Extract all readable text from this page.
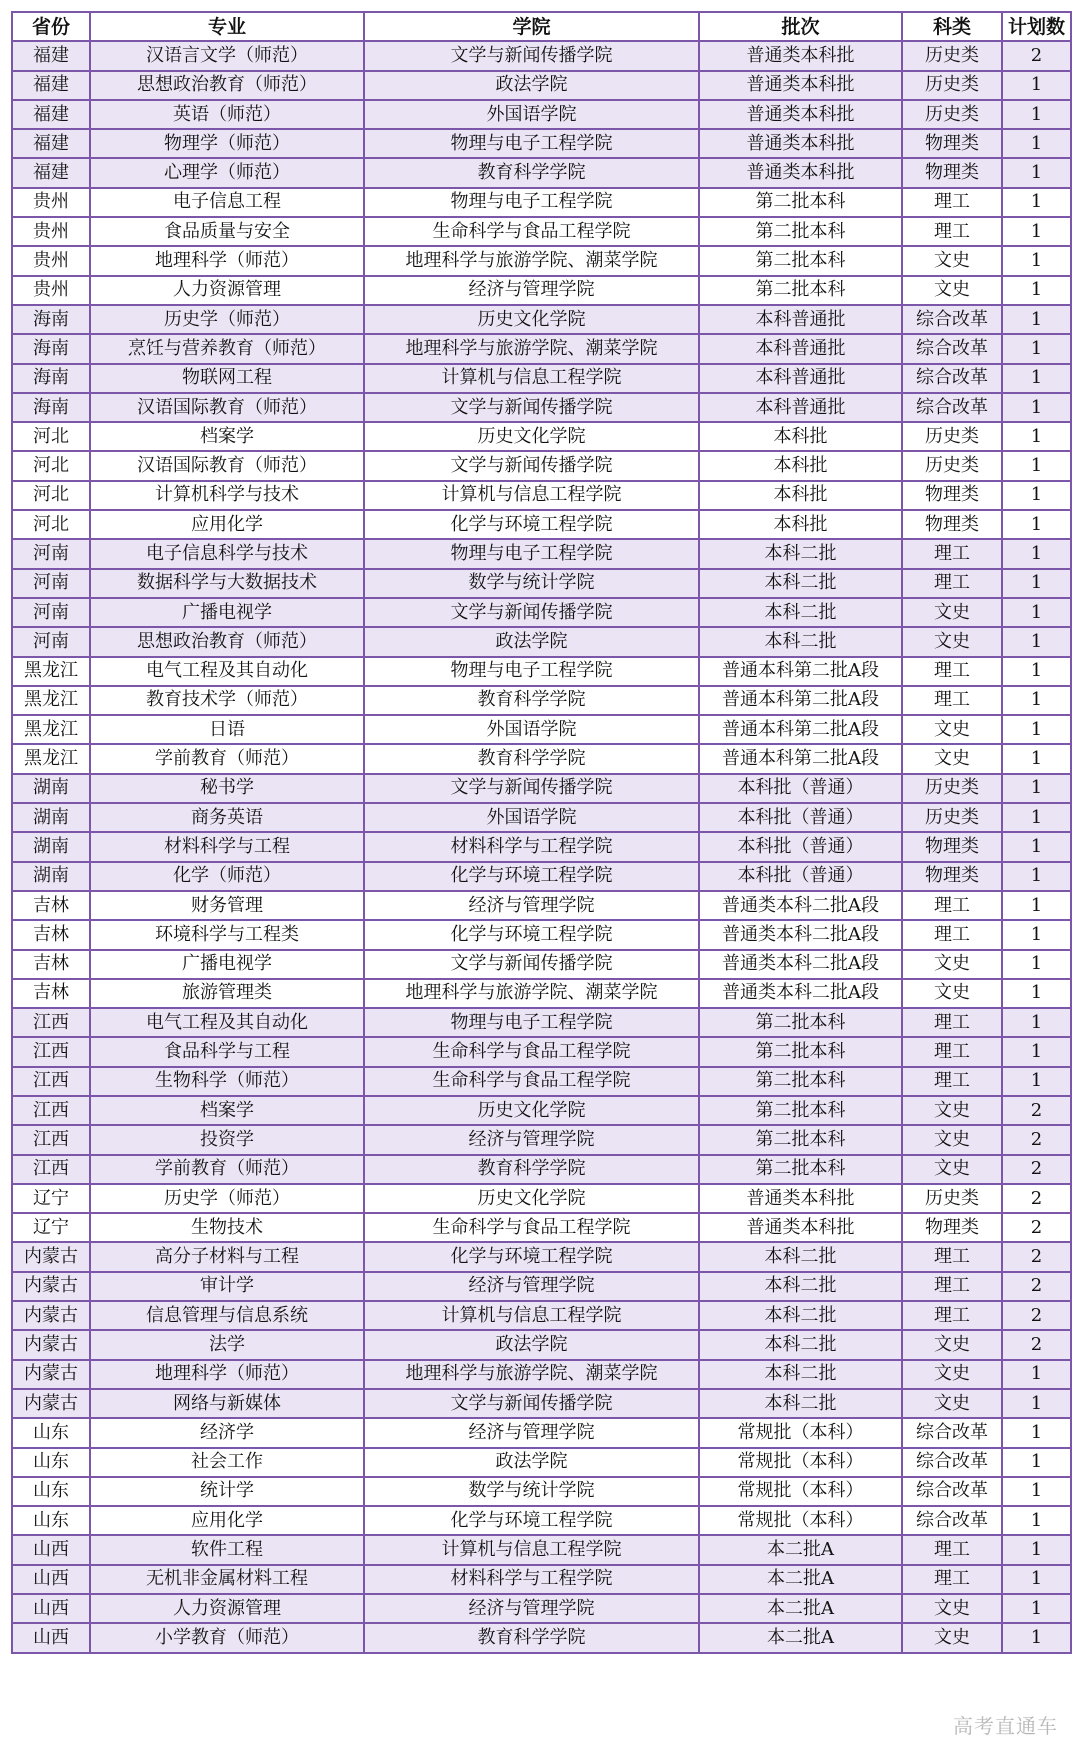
省份	专业	学院	批次	科类	计划数
福建	汉语言文学（师范）	文学与新闻传播学院	普通类本科批	历史类	2
福建	思想政治教育（师范）	政法学院	普通类本科批	历史类	1
福建	英语（师范）	外国语学院	普通类本科批	历史类	1
福建	物理学（师范）	物理与电子工程学院	普通类本科批	物理类	1
福建	心理学（师范）	教育科学学院	普通类本科批	物理类	1
贵州	电子信息工程	物理与电子工程学院	第二批本科	理工	1
贵州	食品质量与安全	生命科学与食品工程学院	第二批本科	理工	1
贵州	地理科学（师范）	地理科学与旅游学院、潮菜学院	第二批本科	文史	1
贵州	人力资源管理	经济与管理学院	第二批本科	文史	1
海南	历史学（师范）	历史文化学院	本科普通批	综合改革	1
海南	烹饪与营养教育（师范）	地理科学与旅游学院、潮菜学院	本科普通批	综合改革	1
海南	物联网工程	计算机与信息工程学院	本科普通批	综合改革	1
海南	汉语国际教育（师范）	文学与新闻传播学院	本科普通批	综合改革	1
河北	档案学	历史文化学院	本科批	历史类	1
河北	汉语国际教育（师范）	文学与新闻传播学院	本科批	历史类	1
河北	计算机科学与技术	计算机与信息工程学院	本科批	物理类	1
河北	应用化学	化学与环境工程学院	本科批	物理类	1
河南	电子信息科学与技术	物理与电子工程学院	本科二批	理工	1
河南	数据科学与大数据技术	数学与统计学院	本科二批	理工	1
河南	广播电视学	文学与新闻传播学院	本科二批	文史	1
河南	思想政治教育（师范）	政法学院	本科二批	文史	1
黑龙江	电气工程及其自动化	物理与电子工程学院	普通本科第二批A段	理工	1
黑龙江	教育技术学（师范）	教育科学学院	普通本科第二批A段	理工	1
黑龙江	日语	外国语学院	普通本科第二批A段	文史	1
黑龙江	学前教育（师范）	教育科学学院	普通本科第二批A段	文史	1
湖南	秘书学	文学与新闻传播学院	本科批（普通）	历史类	1
湖南	商务英语	外国语学院	本科批（普通）	历史类	1
湖南	材料科学与工程	材料科学与工程学院	本科批（普通）	物理类	1
湖南	化学（师范）	化学与环境工程学院	本科批（普通）	物理类	1
吉林	财务管理	经济与管理学院	普通类本科二批A段	理工	1
吉林	环境科学与工程类	化学与环境工程学院	普通类本科二批A段	理工	1
吉林	广播电视学	文学与新闻传播学院	普通类本科二批A段	文史	1
吉林	旅游管理类	地理科学与旅游学院、潮菜学院	普通类本科二批A段	文史	1
江西	电气工程及其自动化	物理与电子工程学院	第二批本科	理工	1
江西	食品科学与工程	生命科学与食品工程学院	第二批本科	理工	1
江西	生物科学（师范）	生命科学与食品工程学院	第二批本科	理工	1
江西	档案学	历史文化学院	第二批本科	文史	2
江西	投资学	经济与管理学院	第二批本科	文史	2
江西	学前教育（师范）	教育科学学院	第二批本科	文史	2
辽宁	历史学（师范）	历史文化学院	普通类本科批	历史类	2
辽宁	生物技术	生命科学与食品工程学院	普通类本科批	物理类	2
内蒙古	高分子材料与工程	化学与环境工程学院	本科二批	理工	2
内蒙古	审计学	经济与管理学院	本科二批	理工	2
内蒙古	信息管理与信息系统	计算机与信息工程学院	本科二批	理工	2
内蒙古	法学	政法学院	本科二批	文史	2
内蒙古	地理科学（师范）	地理科学与旅游学院、潮菜学院	本科二批	文史	1
内蒙古	网络与新媒体	文学与新闻传播学院	本科二批	文史	1
山东	经济学	经济与管理学院	常规批（本科）	综合改革	1
山东	社会工作	政法学院	常规批（本科）	综合改革	1
山东	统计学	数学与统计学院	常规批（本科）	综合改革	1
山东	应用化学	化学与环境工程学院	常规批（本科）	综合改革	1
山西	软件工程	计算机与信息工程学院	本二批A	理工	1
山西	无机非金属材料工程	材料科学与工程学院	本二批A	理工	1
山西	人力资源管理	经济与管理学院	本二批A	文史	1
山西	小学教育（师范）	教育科学学院	本二批A	文史	1
高考直通车
